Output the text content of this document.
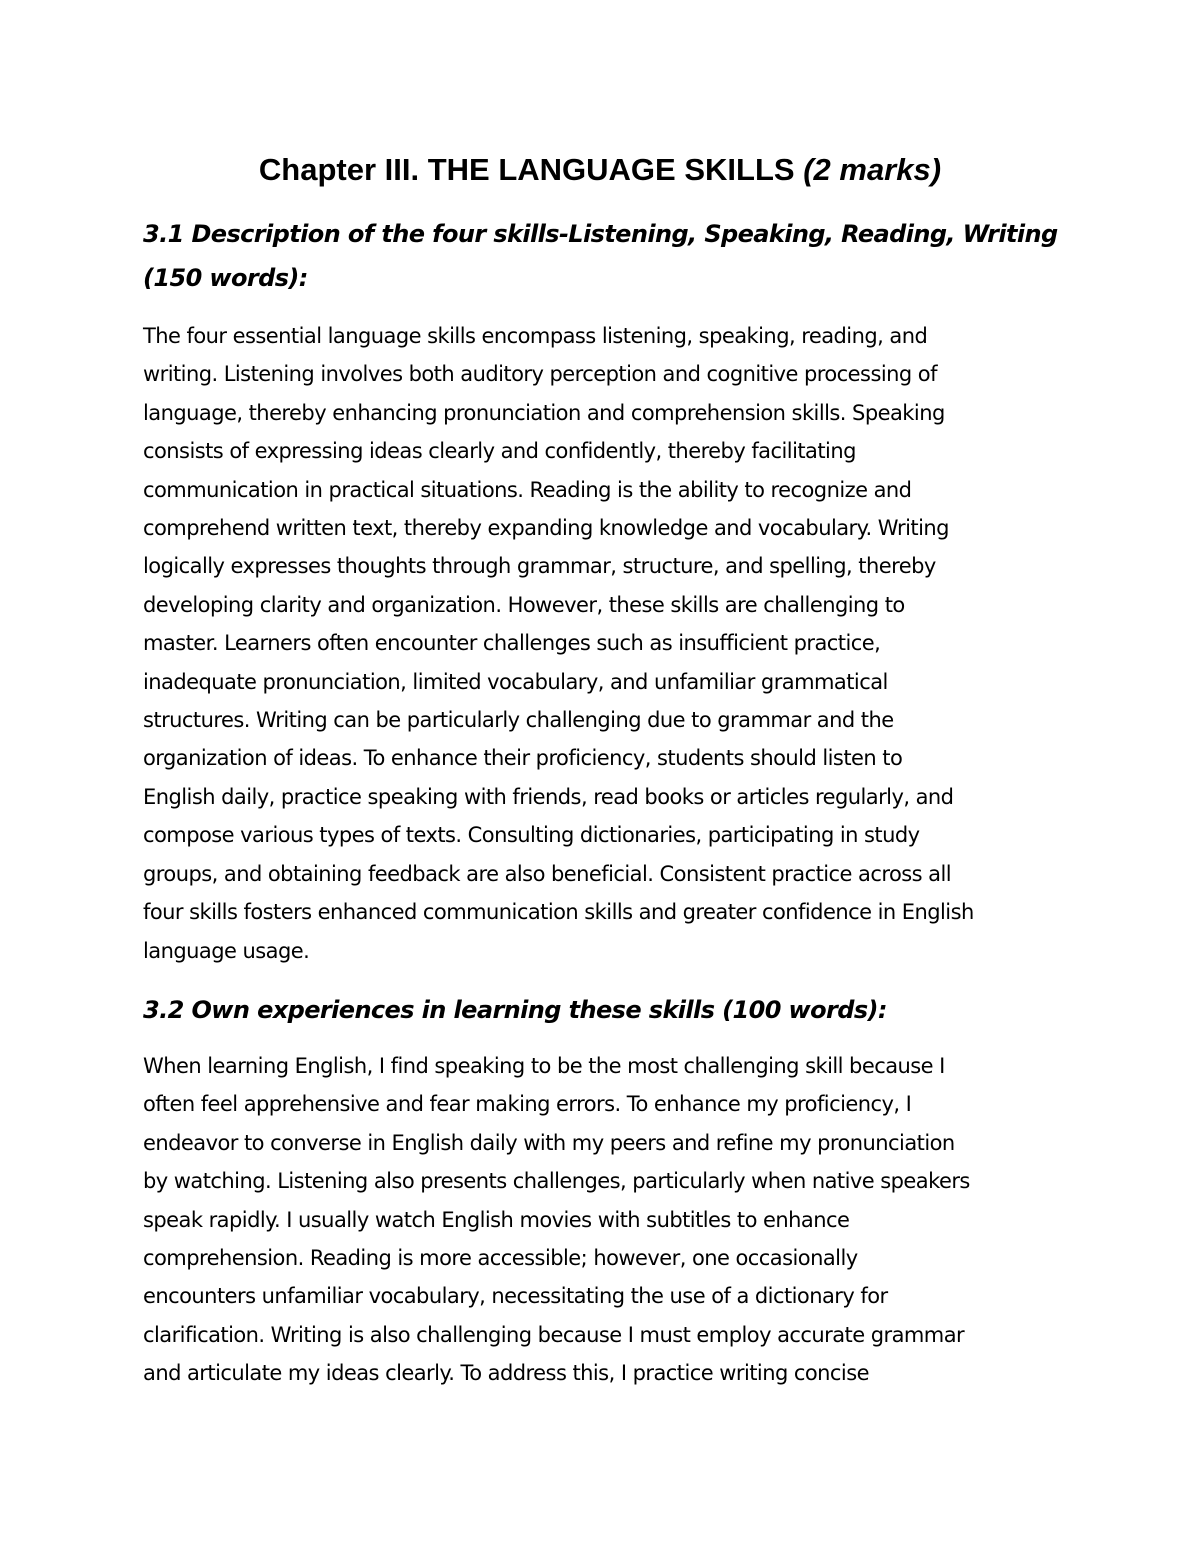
Chapter III. THE LANGUAGE SKILLS (2 marks)
3.1 Description of the four skills-Listening, Speaking, Reading, Writing
(150 words):

The four essential language skills encompass listening, speaking, reading, and
writing. Listening involves both auditory perception and cognitive processing of
language, thereby enhancing pronunciation and comprehension skills. Speaking
consists of expressing ideas clearly and confidently, thereby facilitating
communication in practical situations. Reading is the ability to recognize and
comprehend written text, thereby expanding knowledge and vocabulary. Writing
logically expresses thoughts through grammar, structure, and spelling, thereby
developing clarity and organization. However, these skills are challenging to
master. Learners often encounter challenges such as insufficient practice,
inadequate pronunciation, limited vocabulary, and unfamiliar grammatical
structures. Writing can be particularly challenging due to grammar and the
organization of ideas. To enhance their proficiency, students should listen to
English daily, practice speaking with friends, read books or articles regularly, and
compose various types of texts. Consulting dictionaries, participating in study
groups, and obtaining feedback are also beneficial. Consistent practice across all
four skills fosters enhanced communication skills and greater confidence in English
language usage.

3.2 Own experiences in learning these skills (100 words):

When learning English, I find speaking to be the most challenging skill because I
often feel apprehensive and fear making errors. To enhance my proficiency, I
endeavor to converse in English daily with my peers and refine my pronunciation
by watching. Listening also presents challenges, particularly when native speakers
speak rapidly. I usually watch English movies with subtitles to enhance
comprehension. Reading is more accessible; however, one occasionally
encounters unfamiliar vocabulary, necessitating the use of a dictionary for
clarification. Writing is also challenging because I must employ accurate grammar
and articulate my ideas clearly. To address this, I practice writing concise
